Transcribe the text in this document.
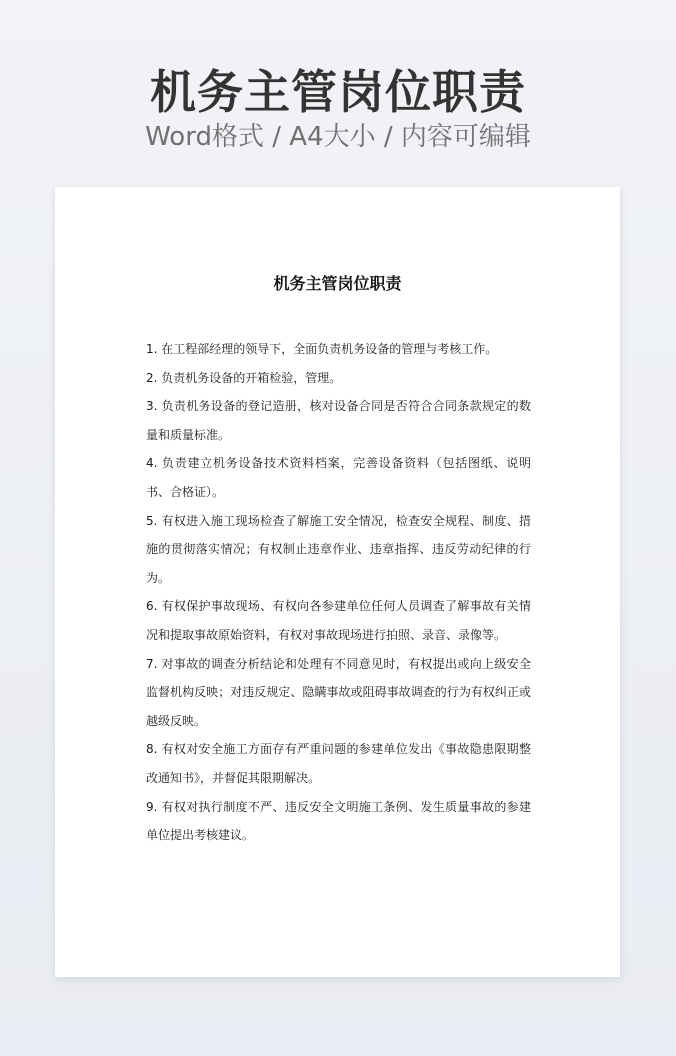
机务主管岗位职责
Word格式 / A4大小 / 内容可编辑
机务主管岗位职责

1. 在工程部经理的领导下，全面负责机务设备的管理与考核工作。

2. 负责机务设备的开箱检验，管理。

3. 负责机务设备的登记造册，核对设备合同是否符合合同条款规定的数量和质量标准。

4. 负责建立机务设备技术资料档案，完善设备资料（包括图纸、说明书、合格证）。

5. 有权进入施工现场检查了解施工安全情况，检查安全规程、制度、措施的贯彻落实情况；有权制止违章作业、违章指挥、违反劳动纪律的行为。

6. 有权保护事故现场、有权向各参建单位任何人员调查了解事故有关情况和提取事故原始资料，有权对事故现场进行拍照、录音、录像等。

7. 对事故的调查分析结论和处理有不同意见时，有权提出或向上级安全监督机构反映；对违反规定、隐瞒事故或阻碍事故调查的行为有权纠正或越级反映。

8. 有权对安全施工方面存有严重问题的参建单位发出《事故隐患限期整改通知书》，并督促其限期解决。

9. 有权对执行制度不严、违反安全文明施工条例、发生质量事故的参建单位提出考核建议。
